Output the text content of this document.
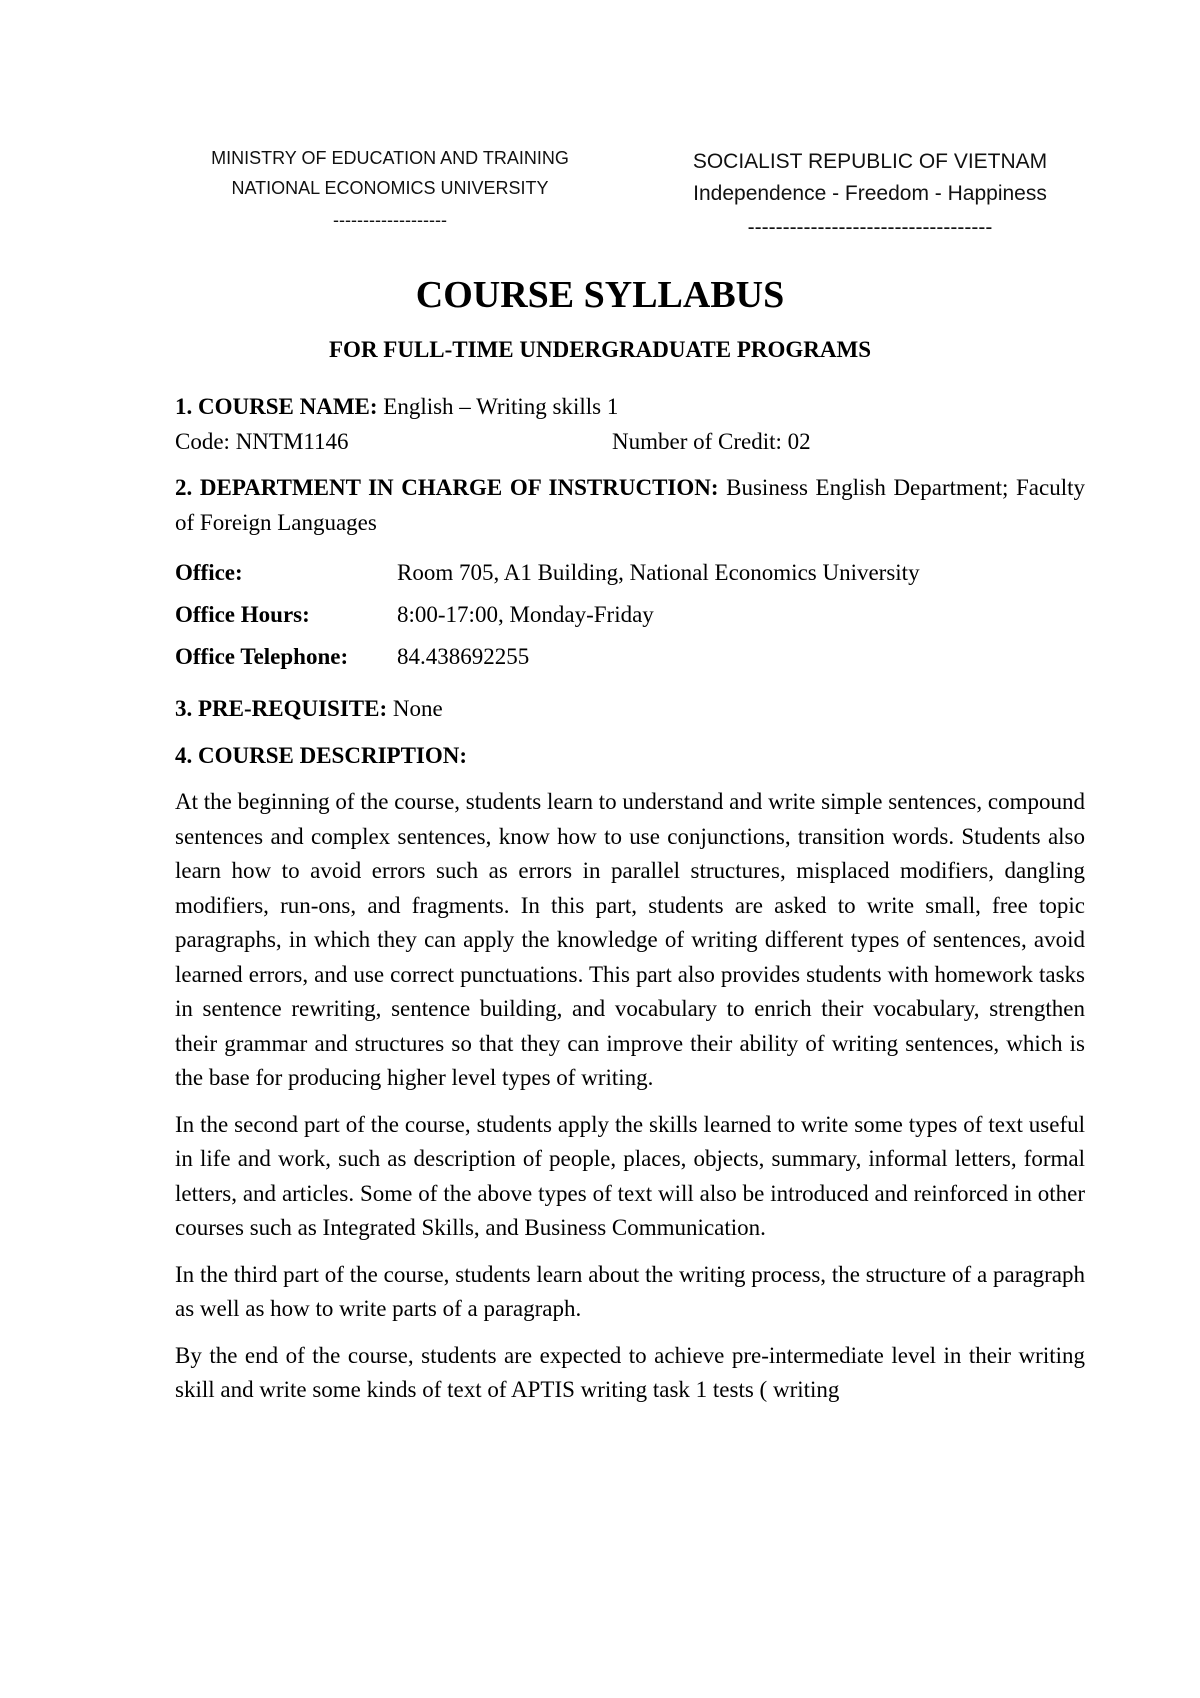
MINISTRY OF EDUCATION AND TRAINING
NATIONAL ECONOMICS UNIVERSITY
-------------------
SOCIALIST REPUBLIC OF VIETNAM
Independence - Freedom - Happiness
-----------------------------------
COURSE SYLLABUS
FOR FULL-TIME UNDERGRADUATE PROGRAMS
1. COURSE NAME: English – Writing skills 1
Code: NNTM1146	Number of Credit: 02

2. DEPARTMENT IN CHARGE OF INSTRUCTION: Business English Department; Faculty of Foreign Languages

Office:	Room 705, A1 Building, National Economics University
Office Hours:	8:00-17:00, Monday-Friday
Office Telephone:	84.438692255

3. PRE-REQUISITE: None

4. COURSE DESCRIPTION:

At the beginning of the course, students learn to understand and write simple sentences, compound sentences and complex sentences, know how to use conjunctions, transition words. Students also learn how to avoid errors such as errors in parallel structures, misplaced modifiers, dangling modifiers, run-ons, and fragments. In this part, students are asked to write small, free topic paragraphs, in which they can apply the knowledge of writing different types of sentences, avoid learned errors, and use correct punctuations. This part also provides students with homework tasks in sentence rewriting, sentence building, and vocabulary to enrich their vocabulary, strengthen their grammar and structures so that they can improve their ability of writing sentences, which is the base for producing higher level types of writing.

In the second part of the course, students apply the skills learned to write some types of text useful in life and work, such as description of people, places, objects, summary, informal letters, formal letters, and articles. Some of the above types of text will also be introduced and reinforced in other courses such as Integrated Skills, and Business Communication.

In the third part of the course, students learn about the writing process, the structure of a paragraph as well as how to write parts of a paragraph.

By the end of the course, students are expected to achieve pre-intermediate level in their writing skill and write some kinds of text of APTIS writing task 1 tests ( writing
